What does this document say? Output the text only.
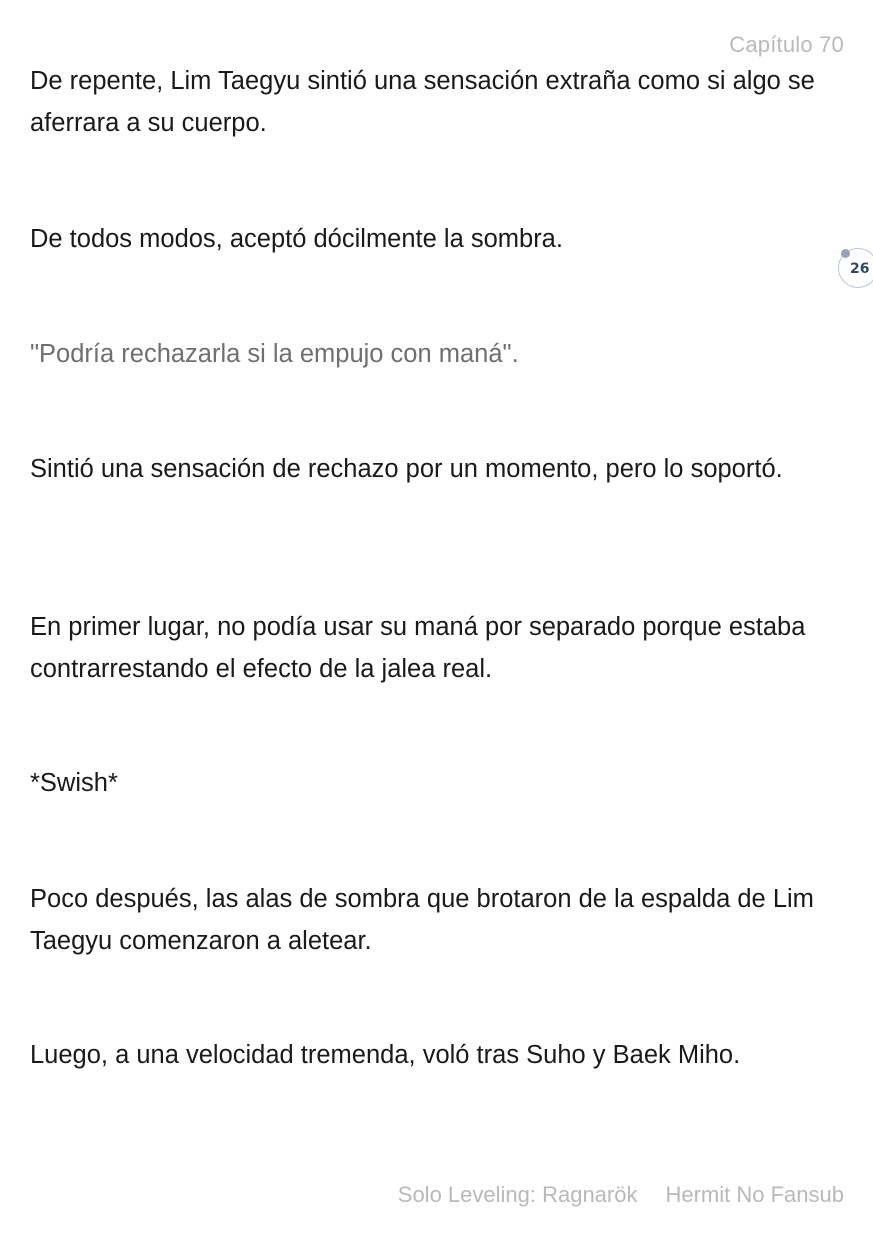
Capítulo 70

De repente, Lim Taegyu sintió una sensación extraña como si algo se aferrara a su cuerpo.

De todos modos, aceptó dócilmente la sombra.

"Podría rechazarla si la empujo con maná".

Sintió una sensación de rechazo por un momento, pero lo soportó.

En primer lugar, no podía usar su maná por separado porque estaba contrarrestando el efecto de la jalea real.

*Swish*

Poco después, las alas de sombra que brotaron de la espalda de Lim Taegyu comenzaron a aletear.

Luego, a una velocidad tremenda, voló tras Suho y Baek Miho.

26
Solo Leveling: Ragnarök Hermit No Fansub
